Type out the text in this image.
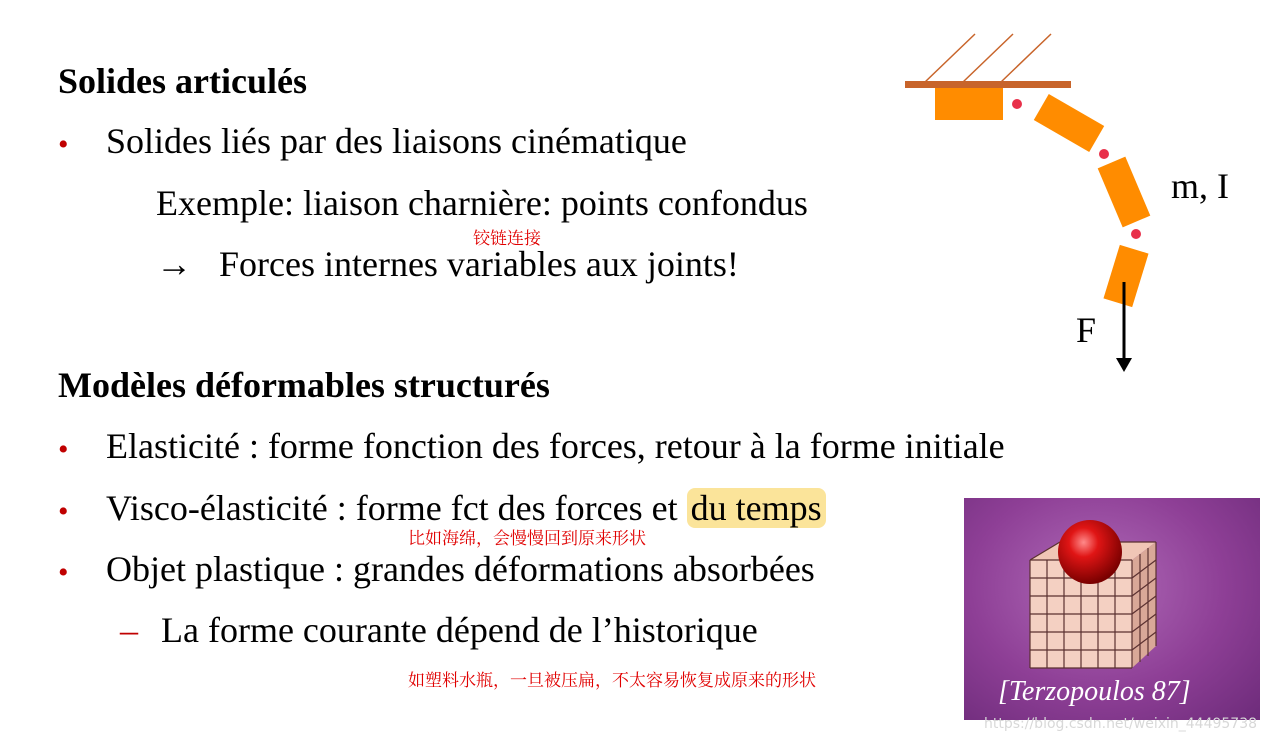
Solides articulés
• Solides liés par des liaisons cinématique
Exemple: liaison charnière: points confondus
铰链连接
→ Forces internes variables aux joints!
m, I
F
Modèles déformables structurés
• Elasticité : forme fonction des forces, retour à la forme initiale
• Visco-élasticité : forme fct des forces et du temps
比如海绵，会慢慢回到原来形状
• Objet plastique : grandes déformations absorbées
– La forme courante dépend de l’historique
如塑料水瓶，一旦被压扁，不太容易恢复成原来的形状	[Terzopoulos 87]
https://blog.csdn.net/weixin_44495738
